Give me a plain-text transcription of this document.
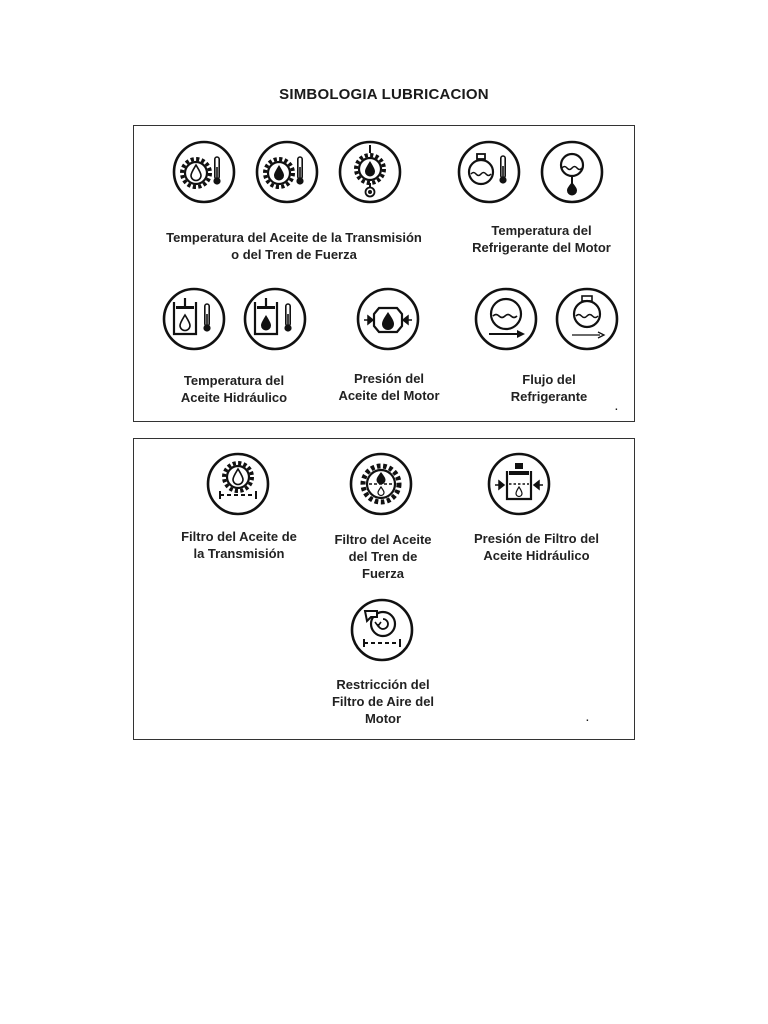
SIMBOLOGIA LUBRICACION
Temperatura del Aceite de la Transmisión
o del Tren de Fuerza
Temperatura del
Refrigerante del Motor
Temperatura del
Aceite Hidráulico
Presión del
Aceite del Motor
Flujo del
Refrigerante
.
Filtro del Aceite de
la Transmisión
Filtro del Aceite
del Tren de
Fuerza
Presión de Filtro del
Aceite Hidráulico
Restricción del
Filtro de Aire del
Motor	.
